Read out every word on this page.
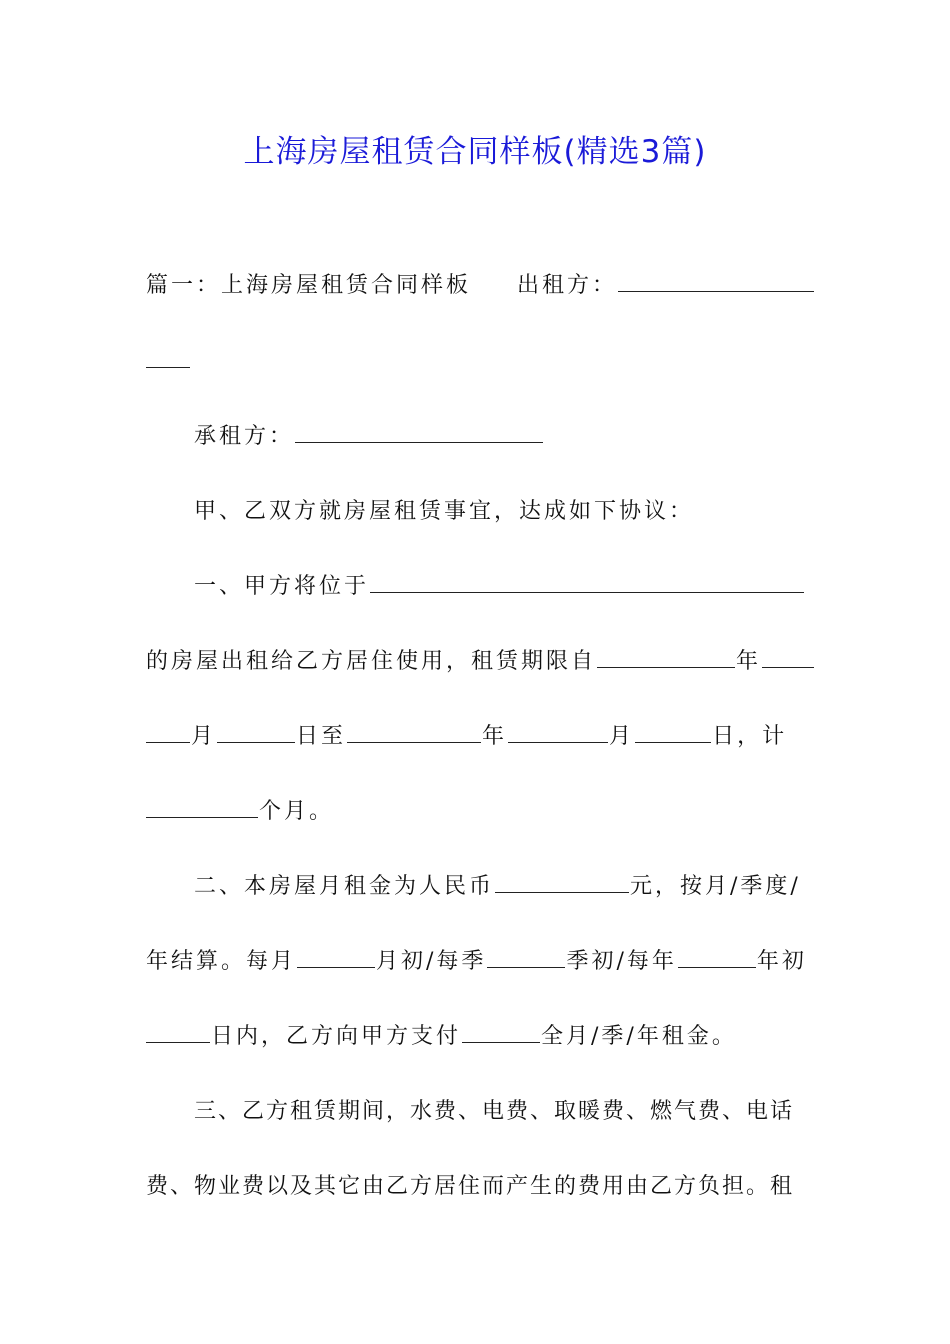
上海房屋租赁合同样板(精选3篇)
篇一：上海房屋租赁合同样板 出租方：
承租方：
甲、乙双方就房屋租赁事宜，达成如下协议：
一、甲方将位于
的房屋出租给乙方居住使用，租赁期限自	年
月	日至	年	月	日，计
个月。
二、本房屋月租金为人民币	元，按月/季度/
年结算。每月	月初/每季	季初/每年	年初
日内，乙方向甲方支付	全月/季/年租金。
三、乙方租赁期间，水费、电费、取暖费、燃气费、电话
费、物业费以及其它由乙方居住而产生的费用由乙方负担。租
